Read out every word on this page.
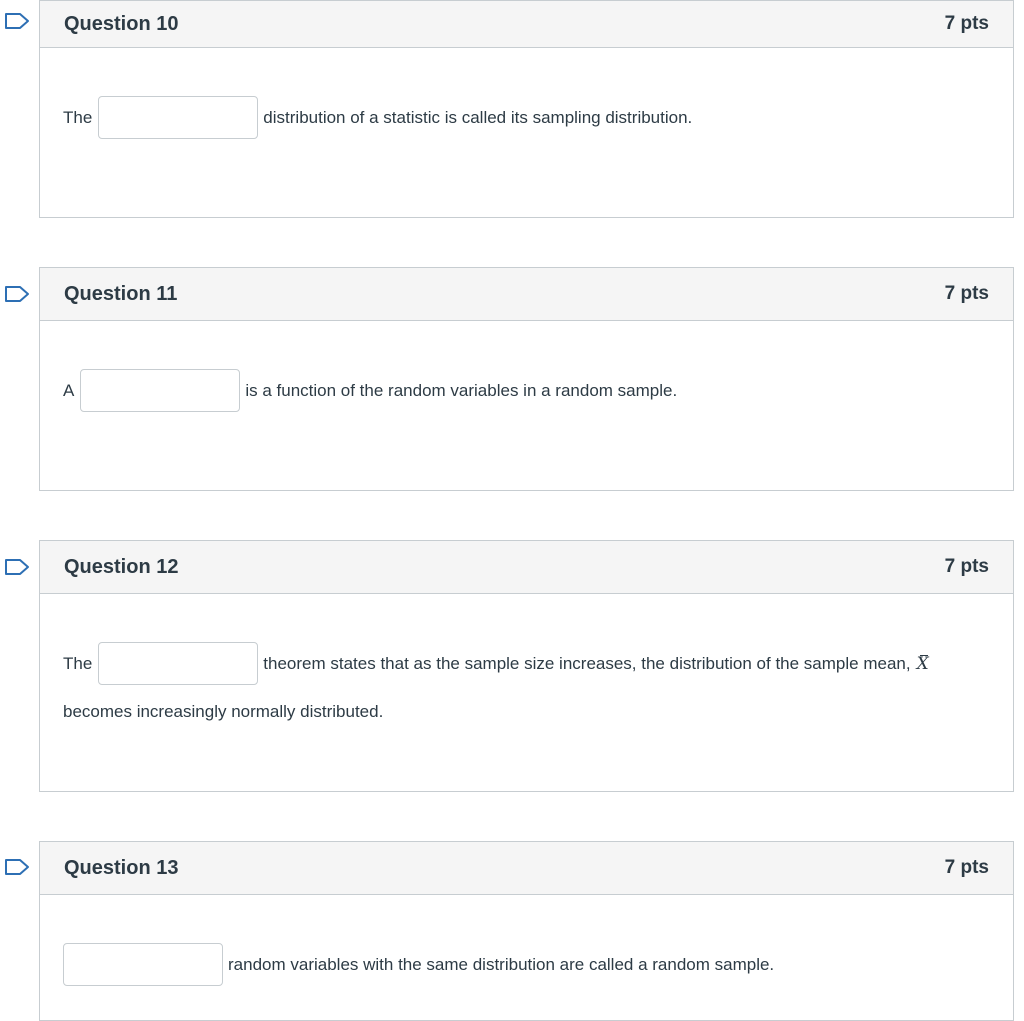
Question 10	7 pts
The	distribution of a statistic is called its sampling distribution.
Question 11	7 pts
A	is a function of the random variables in a random sample.
Question 12	7 pts
The	theorem states that as the sample size increases, the distribution of the sample mean, X
becomes increasingly normally distributed.
Question 13	7 pts
random variables with the same distribution are called a random sample.
